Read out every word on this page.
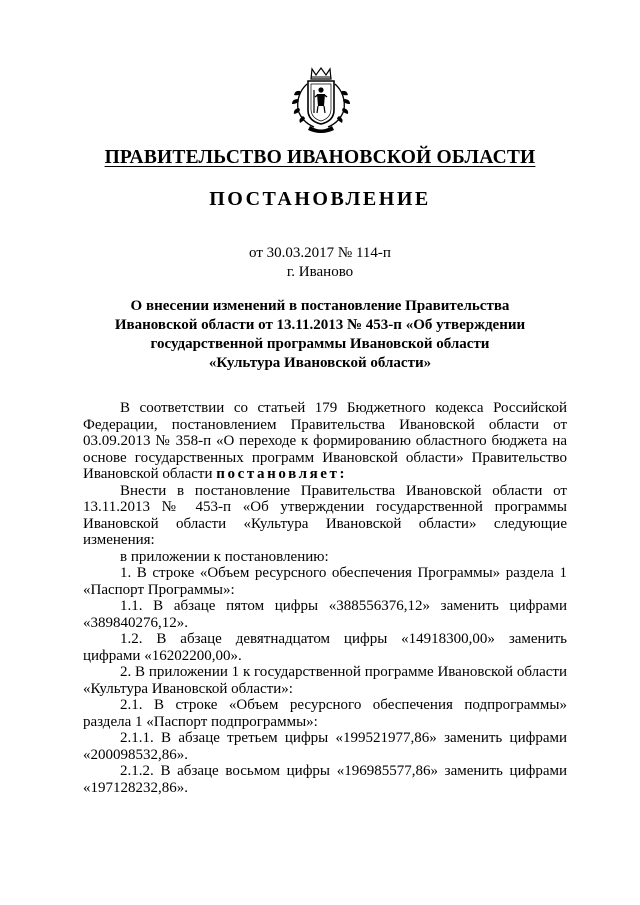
ПРАВИТЕЛЬСТВО ИВАНОВСКОЙ ОБЛАСТИ
ПОСТАНОВЛЕНИЕ
от 30.03.2017 № 114-п
г. Иваново

О внесении изменений в постановление Правительства
Ивановской области от 13.11.2013 № 453-п «Об утверждении
государственной программы Ивановской области
«Культура Ивановской области»

В соответствии со статьей 179 Бюджетного кодекса Российской Федерации, постановлением Правительства Ивановской области от 03.09.2013 № 358-п «О переходе к формированию областного бюджета на основе государственных программ Ивановской области» Правительство Ивановской области постановляет:

Внести в постановление Правительства Ивановской области от 13.11.2013 № 453-п «Об утверждении государственной программы Ивановской области «Культура Ивановской области» следующие изменения:

в приложении к постановлению:

1. В строке «Объем ресурсного обеспечения Программы» раздела 1 «Паспорт Программы»:

1.1. В абзаце пятом цифры «388556376,12» заменить цифрами «389840276,12».

1.2. В абзаце девятнадцатом цифры «14918300,00» заменить цифрами «16202200,00».

2. В приложении 1 к государственной программе Ивановской области «Культура Ивановской области»:

2.1. В строке «Объем ресурсного обеспечения подпрограммы» раздела 1 «Паспорт подпрограммы»:

2.1.1. В абзаце третьем цифры «199521977,86» заменить цифрами «200098532,86».

2.1.2. В абзаце восьмом цифры «196985577,86» заменить цифрами «197128232,86».
